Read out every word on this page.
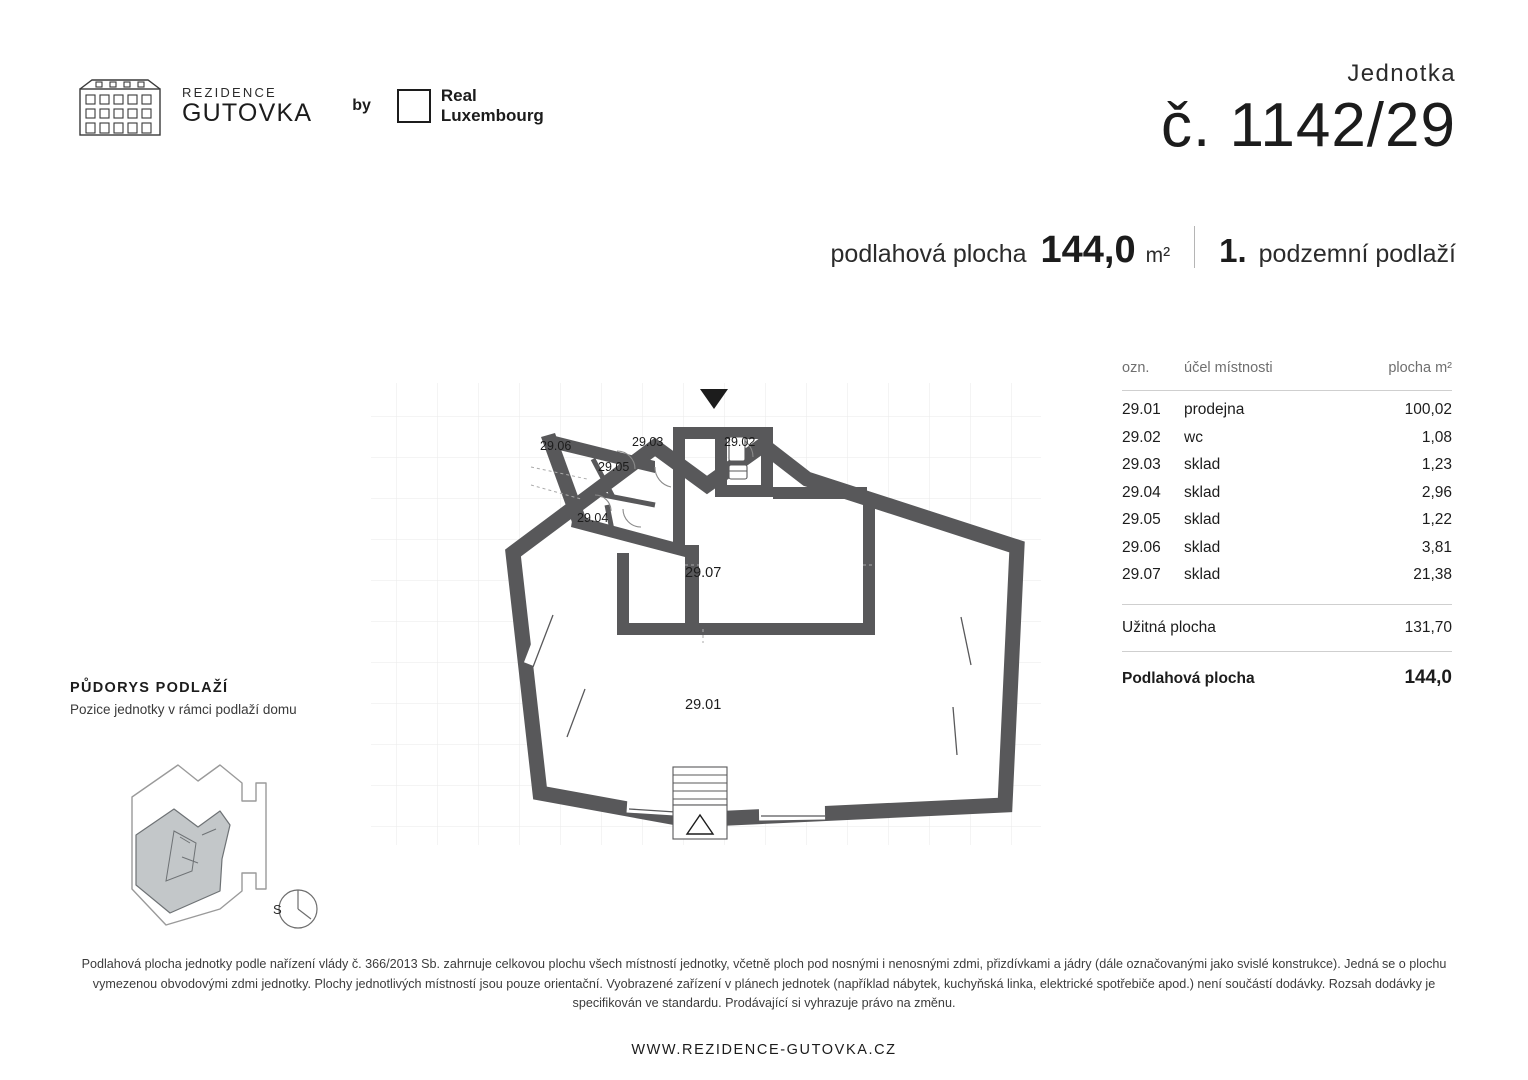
REZIDENCE
GUTOVKA	by
Real
Luxembourg
Jednotka
č. 1142/29
podlahová plocha 144,0 m² 1. podzemní podlaží
ozn.	účel místnosti	plocha m²
29.01	prodejna	100,02
29.02	wc	1,08
29.03	sklad	1,23
29.04	sklad	2,96
29.05	sklad	1,22
29.06	sklad	3,81
29.07	sklad	21,38
Užitná plocha	131,70
Podlahová plocha	144,0
PŮDORYS PODLAŽÍ
Pozice jednotky v rámci podlaží domu
S
29.06
29.05
29.03	29.02
29.04
29.07
29.01

Podlahová plocha jednotky podle nařízení vlády č. 366/2013 Sb. zahrnuje celkovou plochu všech místností jednotky, včetně ploch pod nosnými i nenosnými zdmi, přizdívkami a jádry (dále označovanými jako svislé konstrukce). Jedná se o plochu vymezenou obvodovými zdmi jednotky. Plochy jednotlivých místností jsou pouze orientační. Vyobrazené zařízení v plánech jednotek (například nábytek, kuchyňská linka, elektrické spotřebiče apod.) není součástí dodávky. Rozsah dodávky je specifikován ve standardu. Prodávající si vyhrazuje právo na změnu.

WWW.REZIDENCE-GUTOVKA.CZ
